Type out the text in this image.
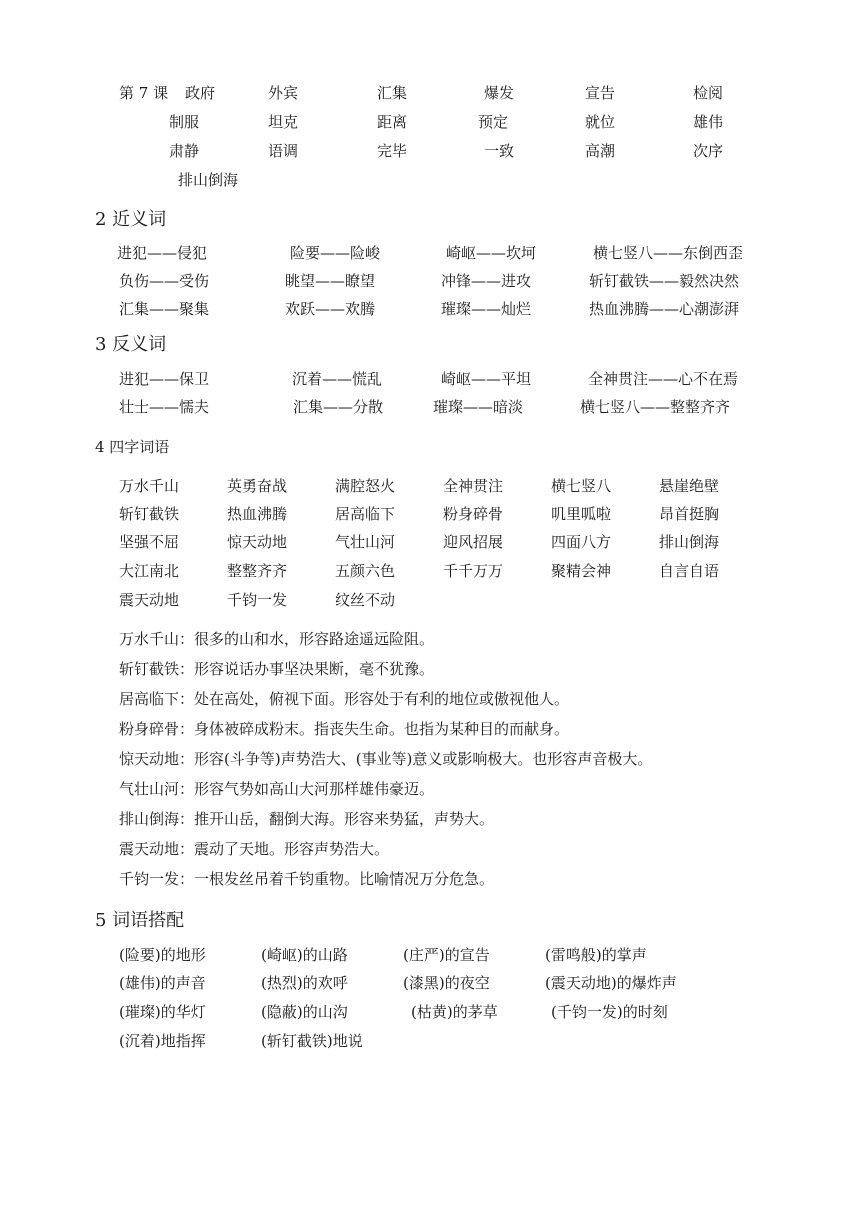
第 7 课 政府	外宾	汇集	爆发	宣告	检阅
制服	坦克	距离	预定	就位	雄伟
肃静	语调	完毕	一致	高潮	次序
排山倒海
2 近义词
进犯——侵犯	险要——险峻	崎岖——坎坷	横七竖八——东倒西歪
负伤——受伤	眺望——瞭望	冲锋——进攻	斩钉截铁——毅然决然
汇集——聚集	欢跃——欢腾	璀璨——灿烂	热血沸腾——心潮澎湃
3 反义词
进犯——保卫	沉着——慌乱	崎岖——平坦	全神贯注——心不在焉
壮士——懦夫	汇集——分散	璀璨——暗淡	横七竖八——整整齐齐
4 四字词语
万水千山	英勇奋战	满腔怒火	全神贯注	横七竖八	悬崖绝壁
斩钉截铁	热血沸腾	居高临下	粉身碎骨	叽里呱啦	昂首挺胸
坚强不屈	惊天动地	气壮山河	迎风招展	四面八方	排山倒海
大江南北	整整齐齐	五颜六色	千千万万	聚精会神	自言自语
震天动地	千钧一发	纹丝不动
万水千山：很多的山和水，形容路途遥远险阻。
斩钉截铁：形容说话办事坚决果断，毫不犹豫。
居高临下：处在高处，俯视下面。形容处于有利的地位或傲视他人。
粉身碎骨：身体被碎成粉末。指丧失生命。也指为某种目的而献身。
惊天动地：形容(斗争等)声势浩大、(事业等)意义或影响极大。也形容声音极大。
气壮山河：形容气势如高山大河那样雄伟豪迈。
排山倒海：推开山岳，翻倒大海。形容来势猛，声势大。
震天动地：震动了天地。形容声势浩大。
千钧一发：一根发丝吊着千钧重物。比喻情况万分危急。
5 词语搭配
(险要)的地形	(崎岖)的山路	(庄严)的宣告	(雷鸣般)的掌声
(雄伟)的声音	(热烈)的欢呼	(漆黑)的夜空	(震天动地)的爆炸声
(璀璨)的华灯	(隐蔽)的山沟	(枯黄)的茅草	(千钧一发)的时刻
(沉着)地指挥	(斩钉截铁)地说
